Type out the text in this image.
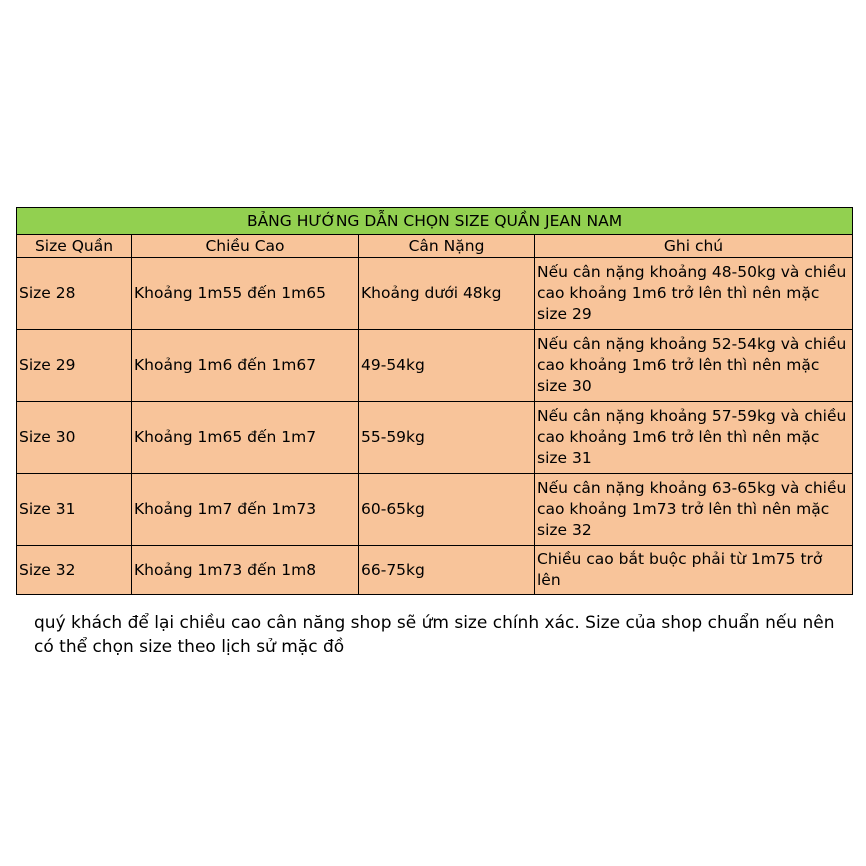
BẢNG HƯỚNG DẪN CHỌN SIZE QUẦN JEAN NAM			
Size Quần	Chiều Cao	Cân Nặng	Ghi chú
Size 28	Khoảng 1m55 đến 1m65	Khoảng dưới 48kg	Nếu cân nặng khoảng 48-50kg và chiều cao khoảng 1m6 trở lên thì nên mặc size 29
Size 29	Khoảng 1m6 đến 1m67	49-54kg	Nếu cân nặng khoảng 52-54kg và chiều cao khoảng 1m6 trở lên thì nên mặc size 30
Size 30	Khoảng 1m65 đến 1m7	55-59kg	Nếu cân nặng khoảng 57-59kg và chiều cao khoảng 1m6 trở lên thì nên mặc size 31
Size 31	Khoảng 1m7 đến 1m73	60-65kg	Nếu cân nặng khoảng 63-65kg và chiều cao khoảng 1m73 trở lên thì nên mặc size 32
Size 32	Khoảng 1m73 đến 1m8	66-75kg	Chiều cao bắt buộc phải từ 1m75 trở lên
quý khách để lại chiều cao cân năng shop sẽ ứm size chính xác. Size của shop chuẩn nếu nên có thể chọn size theo lịch sử mặc đồ
